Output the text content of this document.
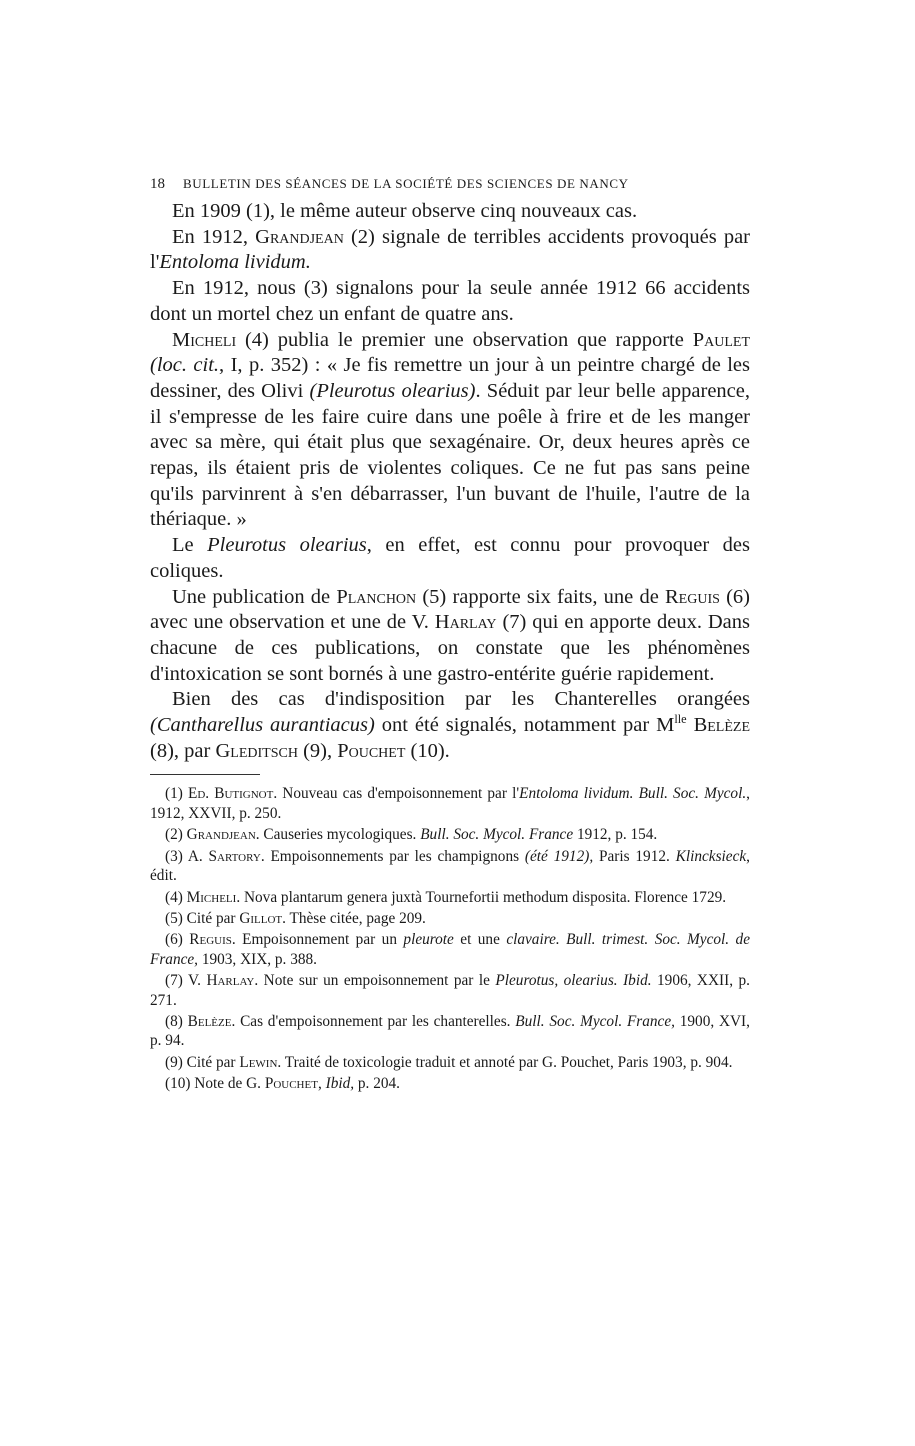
18 BULLETIN DES SÉANCES DE LA SOCIÉTÉ DES SCIENCES DE NANCY

En 1909 (1), le même auteur observe cinq nouveaux cas.

En 1912, Grandjean (2) signale de terribles accidents provoqués par l'Entoloma lividum.

En 1912, nous (3) signalons pour la seule année 1912 66 accidents dont un mortel chez un enfant de quatre ans.

Micheli (4) publia le premier une observation que rapporte Paulet (loc. cit., I, p. 352) : « Je fis remettre un jour à un peintre chargé de les dessiner, des Olivi (Pleurotus olearius). Séduit par leur belle apparence, il s'empresse de les faire cuire dans une poêle à frire et de les manger avec sa mère, qui était plus que sexagénaire. Or, deux heures après ce repas, ils étaient pris de violentes coliques. Ce ne fut pas sans peine qu'ils parvinrent à s'en débarrasser, l'un buvant de l'huile, l'autre de la thériaque. »

Le Pleurotus olearius, en effet, est connu pour provoquer des coliques.

Une publication de Planchon (5) rapporte six faits, une de Reguis (6) avec une observation et une de V. Harlay (7) qui en apporte deux. Dans chacune de ces publications, on constate que les phénomènes d'intoxication se sont bornés à une gastro-entérite guérie rapidement.

Bien des cas d'indisposition par les Chanterelles orangées (Cantharellus aurantiacus) ont été signalés, notamment par $M^{lle}$ Belèze (8), par Gleditsch (9), Pouchet (10).

(1) Ed. Butignot. Nouveau cas d'empoisonnement par l'Entoloma lividum. Bull. Soc. Mycol., 1912, XXVII, p. 250.

(2) Grandjean. Causeries mycologiques. Bull. Soc. Mycol. France 1912, p. 154.

(3) A. Sartory. Empoisonnements par les champignons (été 1912), Paris 1912. Klincksieck, édit.

(4) Micheli. Nova plantarum genera juxtà Tournefortii methodum disposita. Florence 1729.

(5) Cité par Gillot. Thèse citée, page 209.

(6) Reguis. Empoisonnement par un pleurote et une clavaire. Bull. trimest. Soc. Mycol. de France, 1903, XIX, p. 388.

(7) V. Harlay. Note sur un empoisonnement par le Pleurotus, olearius. Ibid. 1906, XXII, p. 271.

(8) Belèze. Cas d'empoisonnement par les chanterelles. Bull. Soc. Mycol. France, 1900, XVI, p. 94.

(9) Cité par Lewin. Traité de toxicologie traduit et annoté par G. Pouchet, Paris 1903, p. 904.

(10) Note de G. Pouchet, Ibid, p. 204.
